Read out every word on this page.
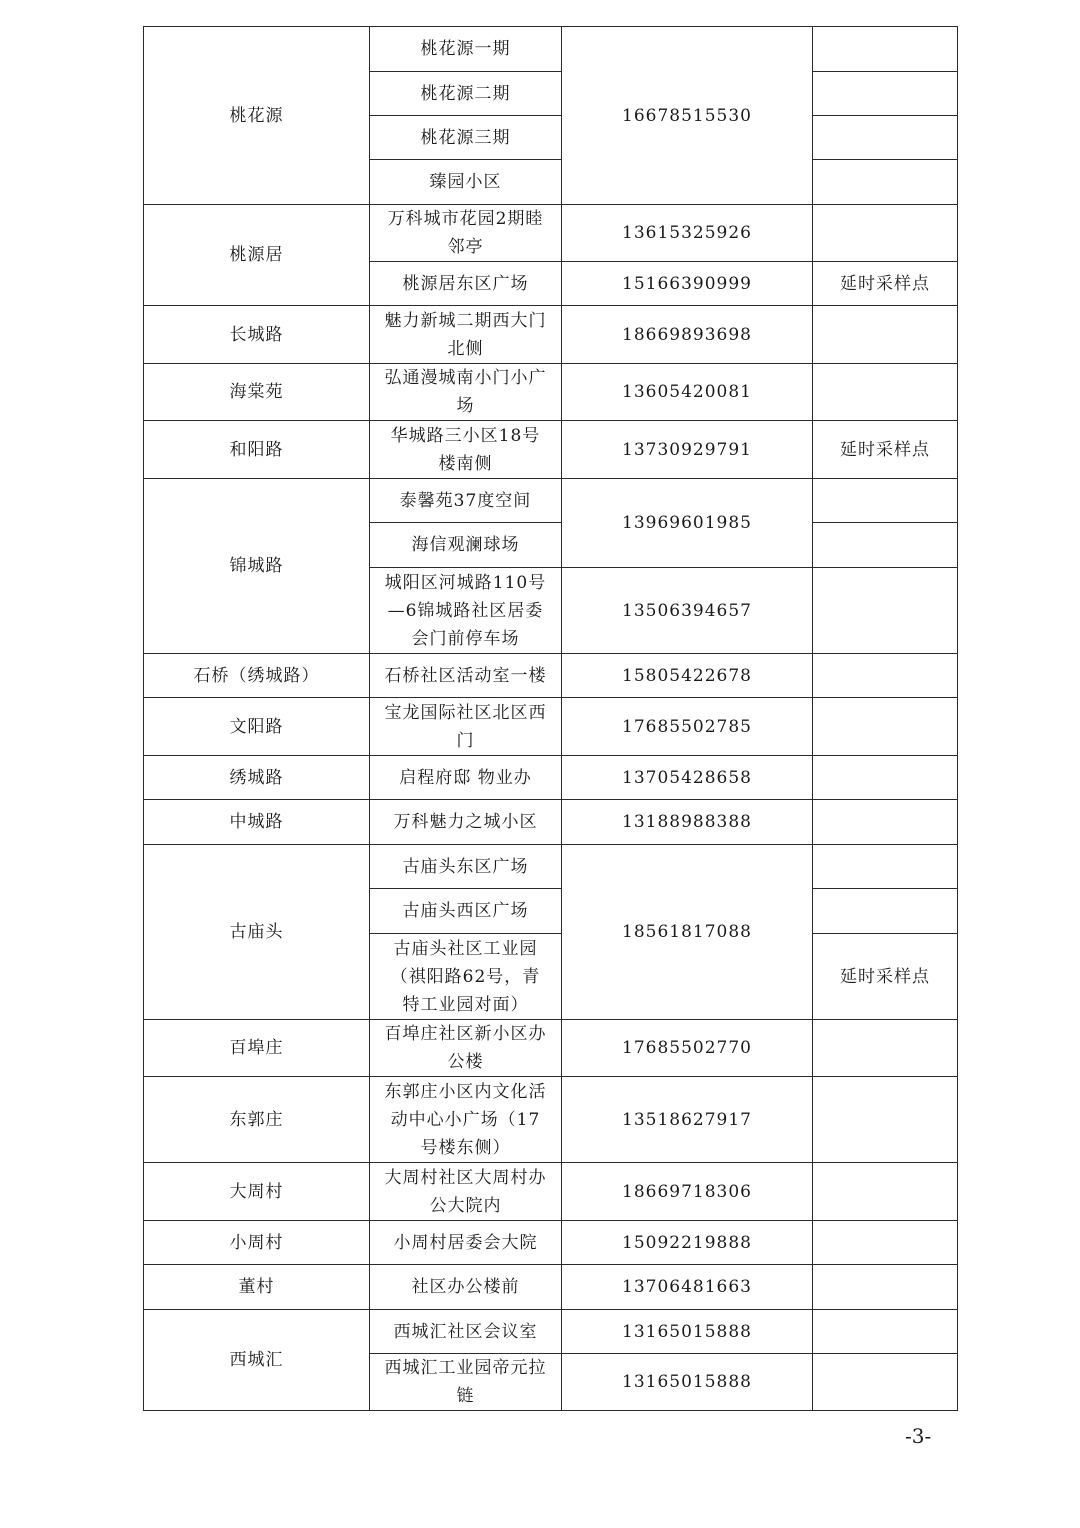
桃花源	桃花源一期	16678515530	
	桃花源二期		
	桃花源三期		
	臻园小区		
桃源居	万科城市花园2期睦邻亭	13615325926	
	桃源居东区广场	15166390999	延时采样点
长城路	魅力新城二期西大门北侧	18669893698	
海棠苑	弘通漫城南小门小广场	13605420081	
和阳路	华城路三小区18号楼南侧	13730929791	延时采样点
锦城路	泰馨苑37度空间	13969601985	
	海信观澜球场		
	城阳区河城路110号—6锦城路社区居委会门前停车场	13506394657	
石桥（绣城路）	石桥社区活动室一楼	15805422678	
文阳路	宝龙国际社区北区西门	17685502785	
绣城路	启程府邸 物业办	13705428658	
中城路	万科魅力之城小区	13188988388	
古庙头	古庙头东区广场	18561817088	
	古庙头西区广场		
	古庙头社区工业园（祺阳路62号，青特工业园对面）		延时采样点
百埠庄	百埠庄社区新小区办公楼	17685502770	
东郭庄	东郭庄小区内文化活动中心小广场（17号楼东侧）	13518627917	
大周村	大周村社区大周村办公大院内	18669718306	
小周村	小周村居委会大院	15092219888	
董村	社区办公楼前	13706481663	
西城汇	西城汇社区会议室	13165015888	
	西城汇工业园帝元拉链	13165015888	
-3-
